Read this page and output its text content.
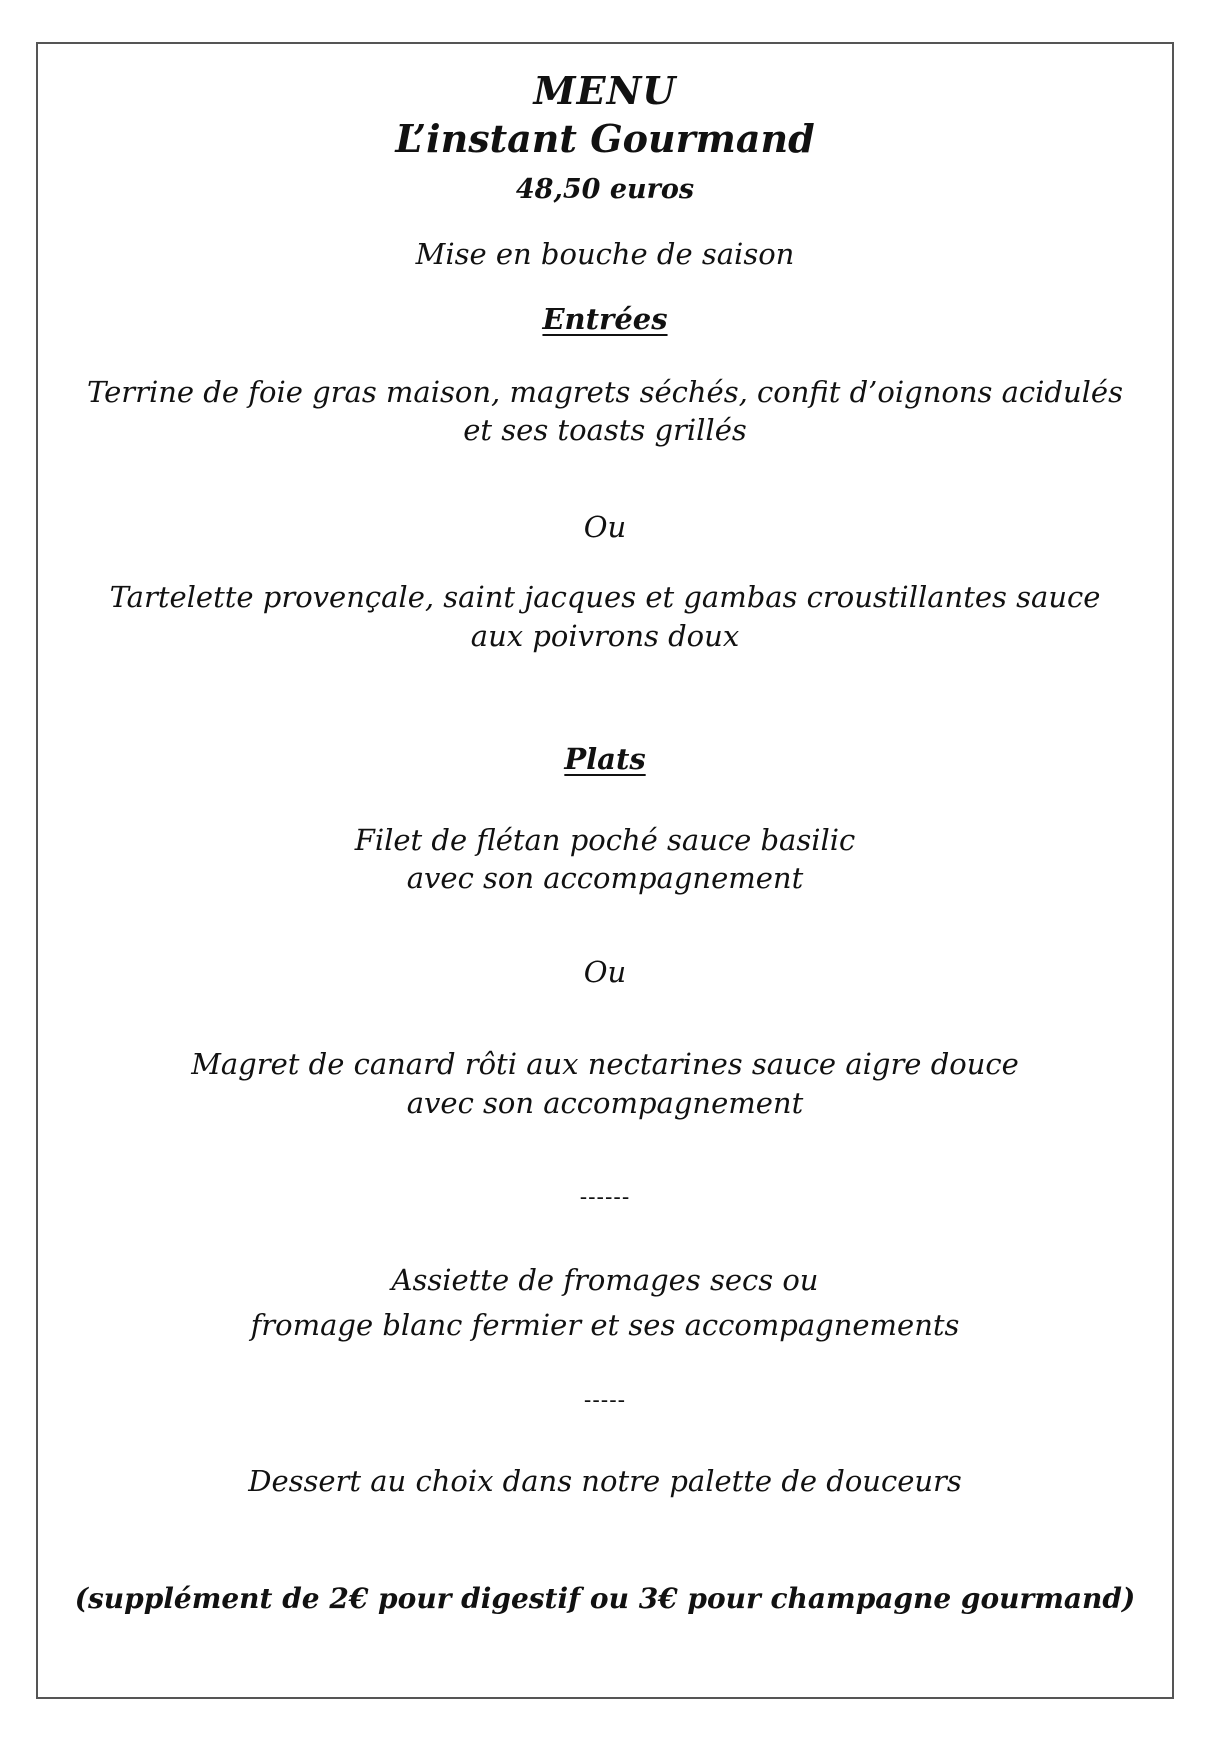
MENU
L’instant Gourmand
48,50 euros
Mise en bouche de saison
Entrées
Terrine de foie gras maison, magrets séchés, confit d’oignons acidulés
et ses toasts grillés
Ou
Tartelette provençale, saint jacques et gambas croustillantes sauce
aux poivrons doux
Plats
Filet de flétan poché sauce basilic
avec son accompagnement
Ou
Magret de canard rôti aux nectarines sauce aigre douce
avec son accompagnement
------
Assiette de fromages secs ou
fromage blanc fermier et ses accompagnements
-----
Dessert au choix dans notre palette de douceurs
(supplément de 2€ pour digestif ou 3€ pour champagne gourmand)
